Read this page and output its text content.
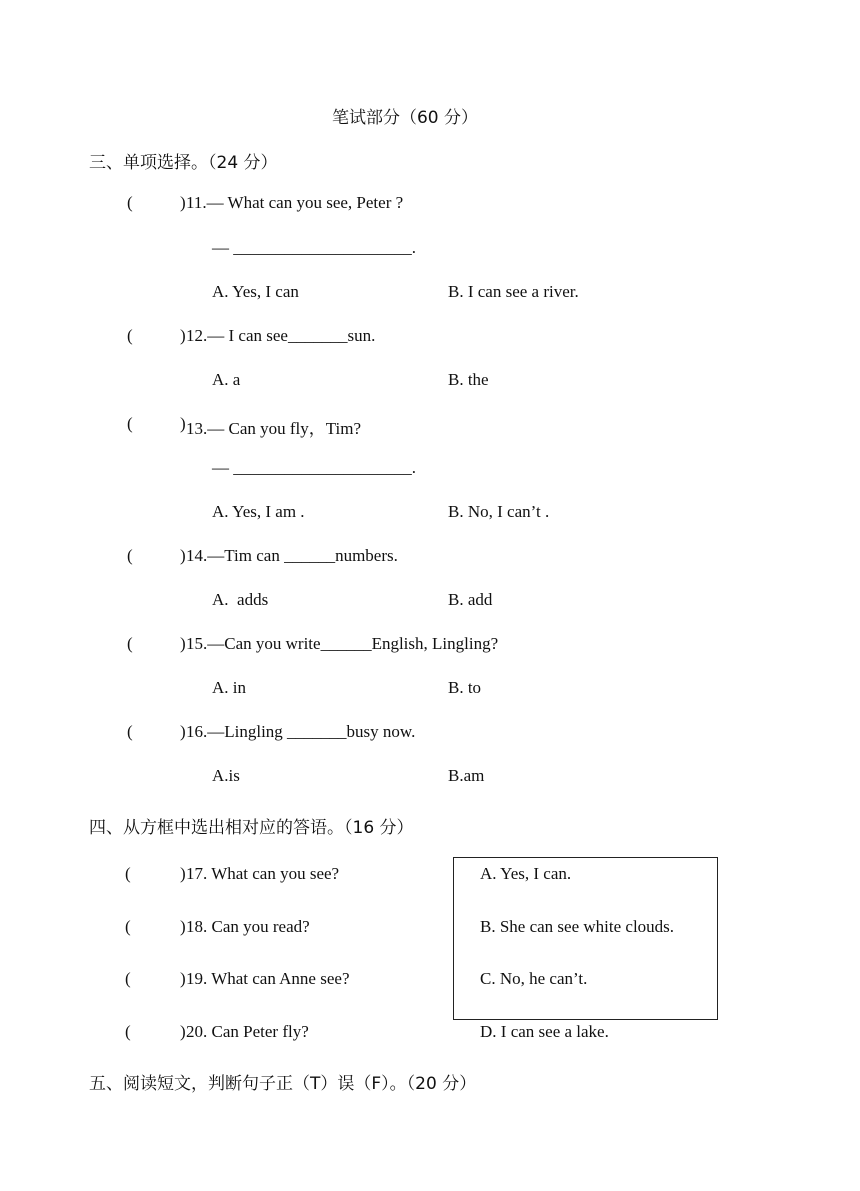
笔试部分（60 分）
三、单项选择。（24 分）
(	) 11.— What can you see, Peter ?
— _____________________.
A. Yes, I can	B. I can see a river.
(	) 12.— I can see_______sun.
A. a	B. the
(	) 13.— Can you fly，Tim?
— _____________________.
A. Yes, I am .	B. No, I can’t .
(	) 14.—Tim can ______numbers.
A.  adds	B. add
(	) 15.—Can you write______English, Lingling?
A. in	B. to
(	) 16.—Lingling _______busy now.
A.is	B.am
四、从方框中选出相对应的答语。（16 分）
(	) 17. What can you see?
(	) 18. Can you read?
(	) 19. What can Anne see?
(	) 20. Can Peter fly?
A. Yes, I can.
B. She can see white clouds.
C. No, he can’t.
D. I can see a lake.
五、阅读短文，判断句子正（T）误（F）。（20 分）
